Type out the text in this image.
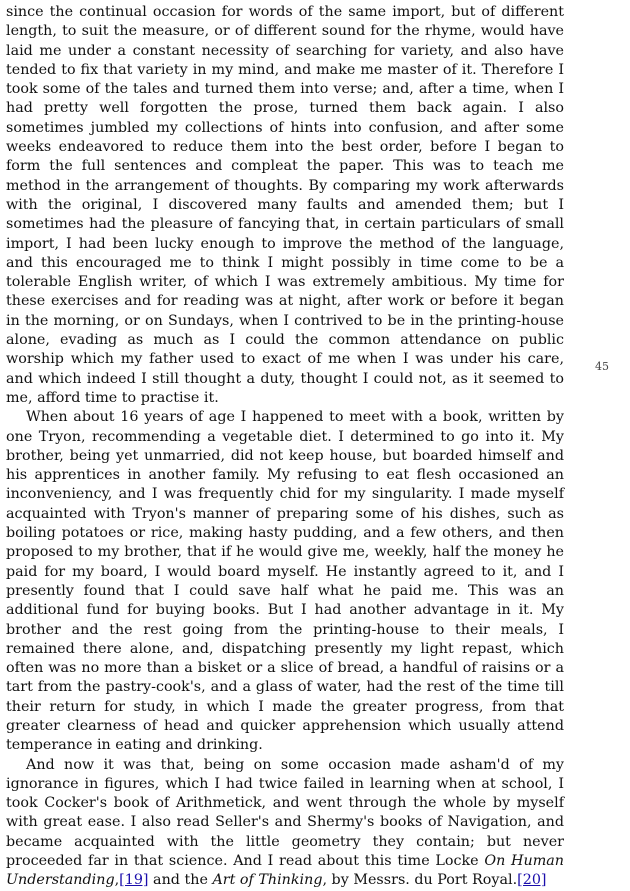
since the continual occasion for words of the same import, but of different length, to suit the measure, or of different sound for the rhyme, would have laid me under a constant necessity of searching for variety, and also have tended to fix that variety in my mind, and make me master of it. Therefore I took some of the tales and turned them into verse; and, after a time, when I had pretty well forgotten the prose, turned them back again. I also sometimes jumbled my collections of hints into confusion, and after some weeks endeavored to reduce them into the best order, before I began to form the full sentences and compleat the paper. This was to teach me method in the arrangement of thoughts. By comparing my work afterwards with the original, I discovered many faults and amended them; but I sometimes had the pleasure of fancying that, in certain particulars of small import, I had been lucky enough to improve the method of the language, and this encouraged me to think I might possibly in time come to be a tolerable English writer, of which I was extremely ambitious. My time for these exercises and for reading was at night, after work or before it began in the morning, or on Sundays, when I contrived to be in the printing-house alone, evading as much as I could the common attendance on public worship which my father used to exact of me when I was under his care, and which indeed I still thought a duty, thought I could not, as it seemed to me, afford time to practise it.

When about 16 years of age I happened to meet with a book, written by one Tryon, recommending a vegetable diet. I determined to go into it. My brother, being yet unmarried, did not keep house, but boarded himself and his apprentices in another family. My refusing to eat flesh occasioned an inconveniency, and I was frequently chid for my singularity. I made myself acquainted with Tryon's manner of preparing some of his dishes, such as boiling potatoes or rice, making hasty pudding, and a few others, and then proposed to my brother, that if he would give me, weekly, half the money he paid for my board, I would board myself. He instantly agreed to it, and I presently found that I could save half what he paid me. This was an additional fund for buying books. But I had another advantage in it. My brother and the rest going from the printing-house to their meals, I remained there alone, and, dispatching presently my light repast, which often was no more than a bisket or a slice of bread, a handful of raisins or a tart from the pastry-cook's, and a glass of water, had the rest of the time till their return for study, in which I made the greater progress, from that greater clearness of head and quicker apprehension which usually attend temperance in eating and drinking.

And now it was that, being on some occasion made asham'd of my ignorance in figures, which I had twice failed in learning when at school, I took Cocker's book of Arithmetick, and went through the whole by myself with great ease. I also read Seller's and Shermy's books of Navigation, and became acquainted with the little geometry they contain; but never proceeded far in that science. And I read about this time Locke On Human Understanding,[19] and the Art of Thinking, by Messrs. du Port Royal.[20]

45
